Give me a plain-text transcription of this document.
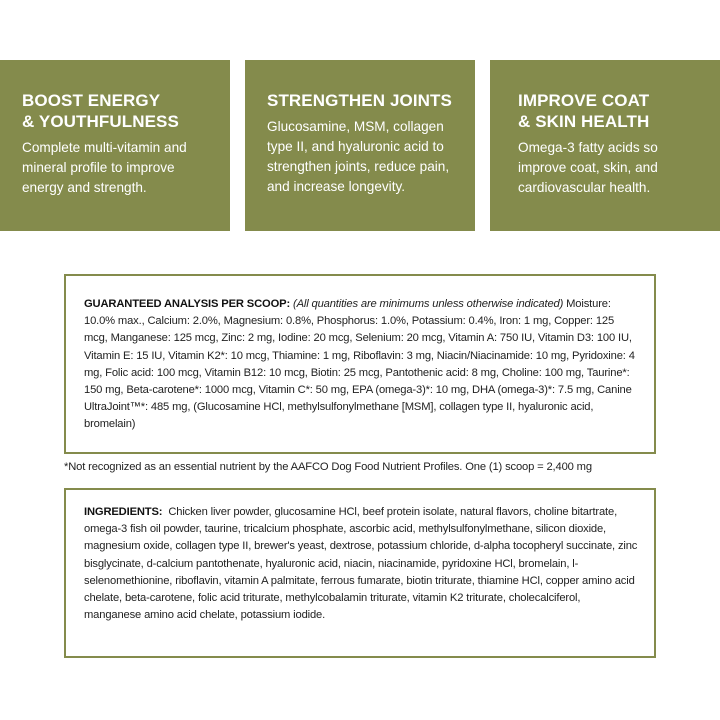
BOOST ENERGY
& YOUTHFULNESS

Complete multi-vitamin and mineral profile to improve energy and strength.

STRENGTHEN JOINTS

Glucosamine, MSM, collagen type II, and hyaluronic acid to strengthen joints, reduce pain, and increase longevity.

IMPROVE COAT
& SKIN HEALTH

Omega-3 fatty acids so improve coat, skin, and cardiovascular health.

GUARANTEED ANALYSIS PER SCOOP: (All quantities are minimums unless otherwise indicated) Moisture: 10.0% max., Calcium: 2.0%, Magnesium: 0.8%, Phosphorus: 1.0%, Potassium: 0.4%, Iron: 1 mg, Copper: 125 mcg, Manganese: 125 mcg, Zinc: 2 mg, Iodine: 20 mcg, Selenium: 20 mcg, Vitamin A: 750 IU, Vitamin D3: 100 IU, Vitamin E: 15 IU, Vitamin K2*: 10 mcg, Thiamine: 1 mg, Riboflavin: 3 mg, Niacin/Niacinamide: 10 mg, Pyridoxine: 4 mg, Folic acid: 100 mcg, Vitamin B12: 10 mcg, Biotin: 25 mcg, Pantothenic acid: 8 mg, Choline: 100 mg, Taurine*: 150 mg, Beta-carotene*: 1000 mcg, Vitamin C*: 50 mg, EPA (omega-3)*: 10 mg, DHA (omega-3)*: 7.5 mg, Canine UltraJoint™*: 485 mg, (Glucosamine HCl, methylsulfonylmethane [MSM], collagen type II, hyaluronic acid, bromelain)
*Not recognized as an essential nutrient by the AAFCO Dog Food Nutrient Profiles. One (1) scoop = 2,400 mg
INGREDIENTS: Chicken liver powder, glucosamine HCl, beef protein isolate, natural flavors, choline bitartrate, omega-3 fish oil powder, taurine, tricalcium phosphate, ascorbic acid, methylsulfonylmethane, silicon dioxide, magnesium oxide, collagen type II, brewer's yeast, dextrose, potassium chloride, d-alpha tocopheryl succinate, zinc bisglycinate, d-calcium pantothenate, hyaluronic acid, niacin, niacinamide, pyridoxine HCl, bromelain, l-selenomethionine, riboflavin, vitamin A palmitate, ferrous fumarate, biotin triturate, thiamine HCl, copper amino acid chelate, beta-carotene, folic acid triturate, methylcobalamin triturate, vitamin K2 triturate, cholecalciferol, manganese amino acid chelate, potassium iodide.
